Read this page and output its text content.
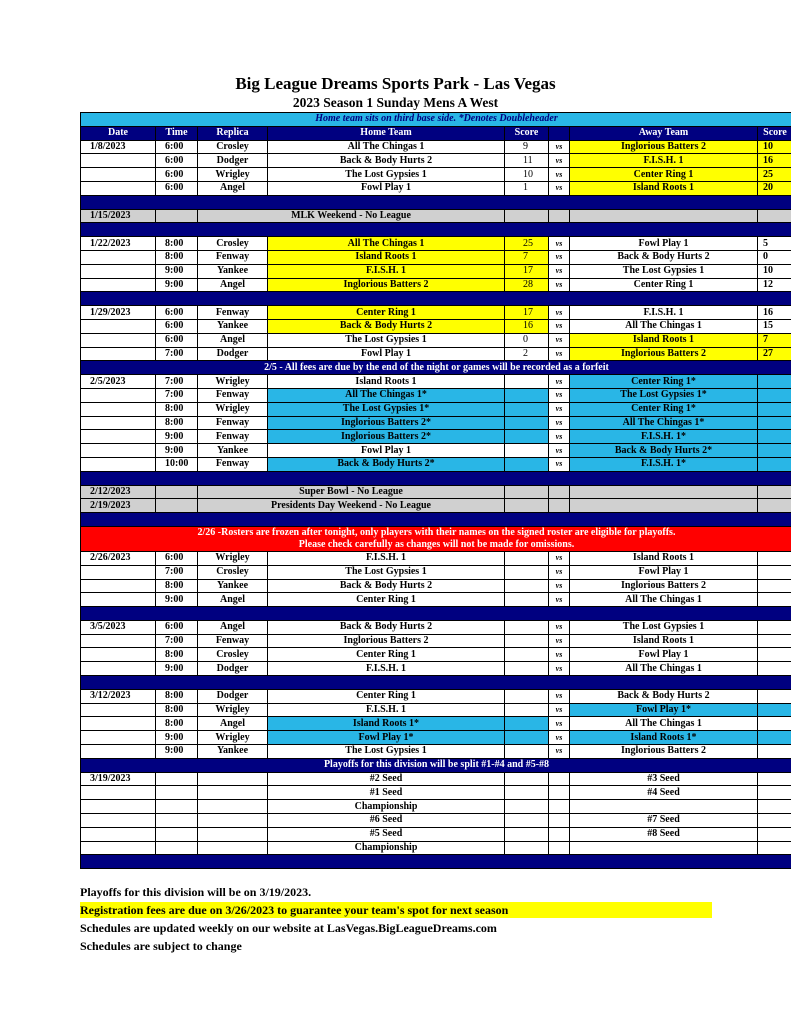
Big League Dreams Sports Park - Las Vegas
2023 Season 1 Sunday Mens A West
Home team sits on third base side. *Denotes Doubleheader							
Date	Time	Replica	Home Team	Score		Away Team	Score
1/8/2023	6:00	Crosley	All The Chingas 1	9	vs	Inglorious Batters 2	10
	6:00	Dodger	Back & Body Hurts 2	11	vs	F.I.S.H. 1	16
	6:00	Wrigley	The Lost Gypsies 1	10	vs	Center Ring 1	25
	6:00	Angel	Fowl Play 1	1	vs	Island Roots 1	20

1/15/2023		MLK Weekend - No League					

1/22/2023	8:00	Crosley	All The Chingas 1	25	vs	Fowl Play 1	5
	8:00	Fenway	Island Roots 1	7	vs	Back & Body Hurts 2	0
	9:00	Yankee	F.I.S.H. 1	17	vs	The Lost Gypsies 1	10
	9:00	Angel	Inglorious Batters 2	28	vs	Center Ring 1	12

1/29/2023	6:00	Fenway	Center Ring 1	17	vs	F.I.S.H. 1	16
	6:00	Yankee	Back & Body Hurts 2	16	vs	All The Chingas 1	15
	6:00	Angel	The Lost Gypsies 1	0	vs	Island Roots 1	7
	7:00	Dodger	Fowl Play 1	2	vs	Inglorious Batters 2	27
2/5 - All fees are due by the end of the night or games will be recorded as a forfeit							
2/5/2023	7:00	Wrigley	Island Roots 1		vs	Center Ring 1*	
	7:00	Fenway	All The Chingas 1*		vs	The Lost Gypsies 1*	
	8:00	Wrigley	The Lost Gypsies 1*		vs	Center Ring 1*	
	8:00	Fenway	Inglorious Batters 2*		vs	All The Chingas 1*	
	9:00	Fenway	Inglorious Batters 2*		vs	F.I.S.H. 1*	
	9:00	Yankee	Fowl Play 1		vs	Back & Body Hurts 2*	
	10:00	Fenway	Back & Body Hurts 2*		vs	F.I.S.H. 1*	

2/12/2023		Super Bowl - No League					
2/19/2023		Presidents Day Weekend - No League					

2/26 -Rosters are frozen after tonight, only players with their names on the signed roster are eligible for playoffs.
Please check carefully as changes will not be made for omissions.							

2/26/2023	6:00	Wrigley	F.I.S.H. 1		vs	Island Roots 1	
	7:00	Crosley	The Lost Gypsies 1		vs	Fowl Play 1	
	8:00	Yankee	Back & Body Hurts 2		vs	Inglorious Batters 2	
	9:00	Angel	Center Ring 1		vs	All The Chingas 1	

3/5/2023	6:00	Angel	Back & Body Hurts 2		vs	The Lost Gypsies 1	
	7:00	Fenway	Inglorious Batters 2		vs	Island Roots 1	
	8:00	Crosley	Center Ring 1		vs	Fowl Play 1	
	9:00	Dodger	F.I.S.H. 1		vs	All The Chingas 1	

3/12/2023	8:00	Dodger	Center Ring 1		vs	Back & Body Hurts 2	
	8:00	Wrigley	F.I.S.H. 1		vs	Fowl Play 1*	
	8:00	Angel	Island Roots 1*		vs	All The Chingas 1	
	9:00	Wrigley	Fowl Play 1*		vs	Island Roots 1*	
	9:00	Yankee	The Lost Gypsies 1		vs	Inglorious Batters 2	
Playoffs for this division will be split #1-#4 and #5-#8							
3/19/2023			#2 Seed			#3 Seed	
			#1 Seed			#4 Seed	
			Championship				
			#6 Seed			#7 Seed	
			#5 Seed			#8 Seed	
			Championship				

Playoffs for this division will be on 3/19/2023.
Registration fees are due on 3/26/2023 to guarantee your team's spot for next season
Schedules are updated weekly on our website at LasVegas.BigLeagueDreams.com
Schedules are subject to change
